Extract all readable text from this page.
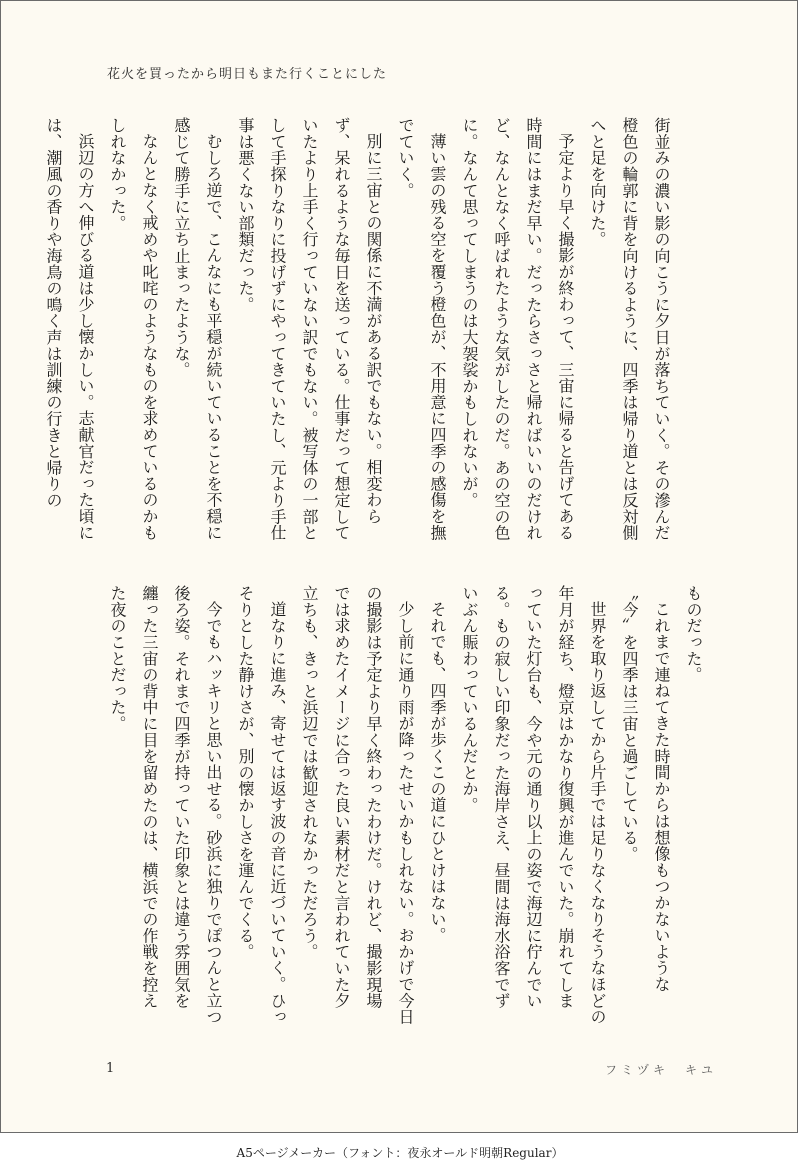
花火を買ったから明日もまた行くことにした

街並みの濃い影の向こうに夕日が落ちていく。その滲んだ橙色の輪郭に背を向けるように、四季は帰り道とは反対側へと足を向けた。

予定より早く撮影が終わって、三宙に帰ると告げてある時間にはまだ早い。だったらさっさと帰ればいいのだけれど、なんとなく呼ばれたような気がしたのだ。あの空の色に。なんて思ってしまうのは大袈裟かもしれないが。

薄い雲の残る空を覆う橙色が、不用意に四季の感傷を撫でていく。

別に三宙との関係に不満がある訳でもない。相変わらず、呆れるような毎日を送っている。仕事だって想定していたより上手く行っていない訳でもない。被写体の一部として手探りなりに投げずにやってきていたし、元より手仕事は悪くない部類だった。

むしろ逆で、こんなにも平穏が続いていることを不穏に感じて勝手に立ち止まったような。

なんとなく戒めや叱咤のようなものを求めているのかもしれなかった。

浜辺の方へ伸びる道は少し懐かしい。志献官だった頃には、潮風の香りや海鳥の鳴く声は訓練の行きと帰りの

ものだった。

これまで連ねてきた時間からは想像もつかないような〝今〟を四季は三宙と過ごしている。

世界を取り返してから片手では足りなくなりそうなほどの年月が経ち、燈京はかなり復興が進んでいた。崩れてしまっていた灯台も、今や元の通り以上の姿で海辺に佇んでいる。もの寂しい印象だった海岸さえ、昼間は海水浴客でずいぶん賑わっているんだとか。

それでも、四季が歩くこの道にひとけはない。

少し前に通り雨が降ったせいかもしれない。おかげで今日の撮影は予定より早く終わったわけだ。けれど、撮影現場では求めたイメージに合った良い素材だと言われていた夕立ちも、きっと浜辺では歓迎されなかっただろう。

道なりに進み、寄せては返す波の音に近づいていく。ひっそりとした静けさが、別の懐かしさを運んでくる。

今でもハッキリと思い出せる。砂浜に独りでぽつんと立つ後ろ姿。それまで四季が持っていた印象とは違う雰囲気を纏った三宙の背中に目を留めたのは、横浜での作戦を控えた夜のことだった。

1	フミヅキ　キユ
A5ページメーカー（フォント：夜永オールド明朝Regular）
